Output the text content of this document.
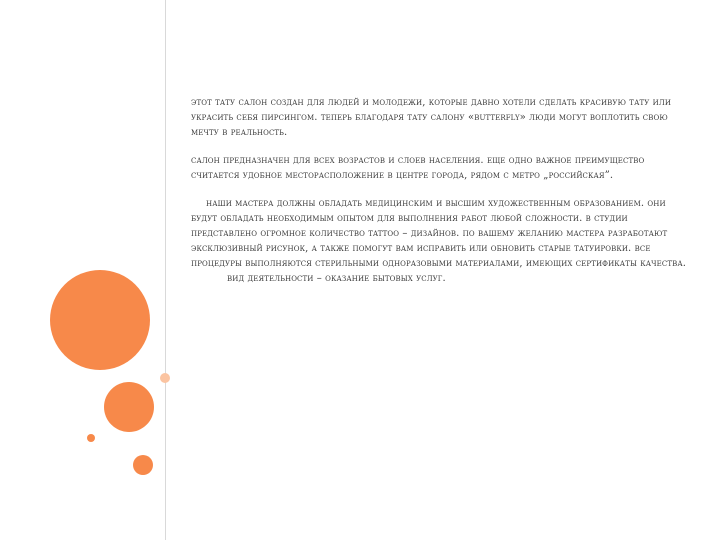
этот тату салон создан для людей и молодежи, которые давно хотели сделать красивую тату или украсить себя пирсингом. теперь благодаря тату салону «butterfly» люди могут воплотить свою мечту в реальность.

салон предназначен для всех возрастов и слоев населения. еще одно важное преимущество считается удобное месторасположение в центре города, рядом с метро „российская”.

наши мастера должны обладать медицинским и высшим художественным образованием. они будут обладать необходимым опытом для выполнения работ любой сложности. в студии представлено огромное количество тattoo – дизайнов. по вашему желанию мастера разработают эксклюзивный рисунок, а также помогут вам исправить или обновить старые татуировки. все процедуры выполняются стерильными одноразовыми материалами, имеющих сертификаты качества.

вид деятельности – оказание бытовых услуг.
